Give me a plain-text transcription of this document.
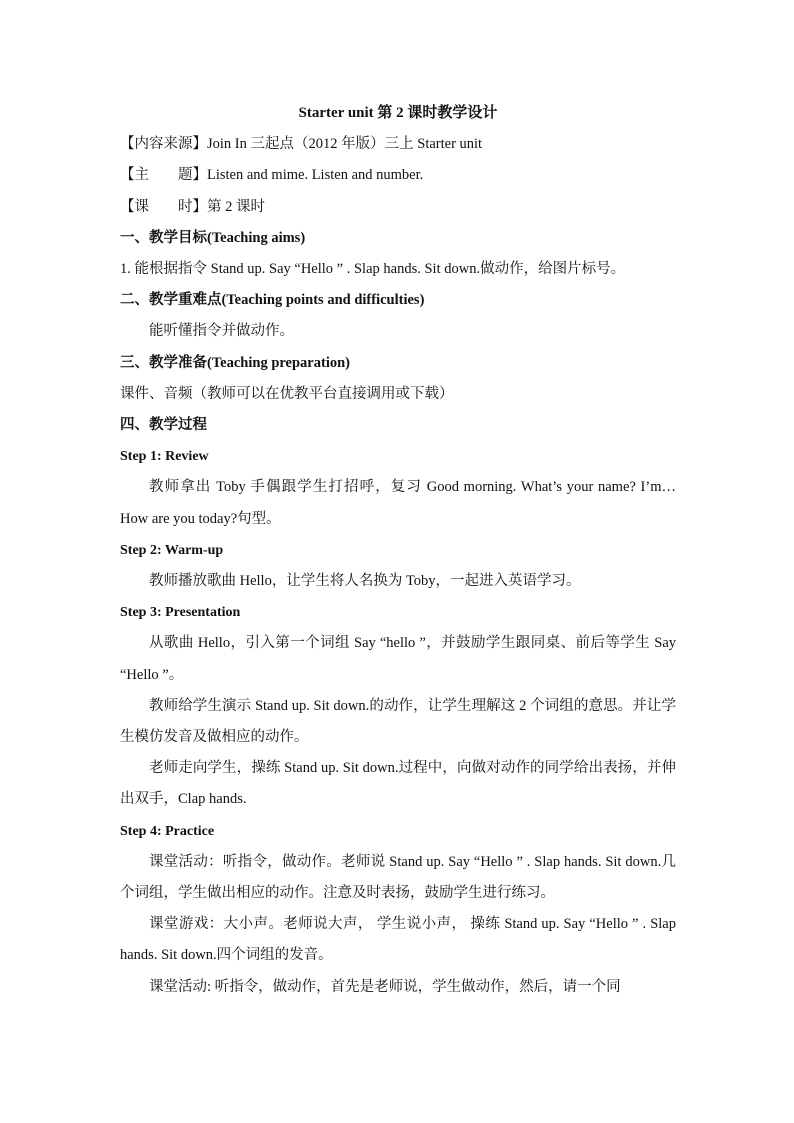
Starter unit 第 2 课时教学设计

【内容来源】Join In 三起点（2012 年版）三上 Starter unit

【主　　题】Listen and mime. Listen and number.

【课　　时】第 2 课时

一、教学目标(Teaching aims)

1. 能根据指令 Stand up. Say “Hello ” . Slap hands. Sit down.做动作，给图片标号。

二、教学重难点(Teaching points and difficulties)

能听懂指令并做动作。

三、教学准备(Teaching preparation)

课件、音频（教师可以在优教平台直接调用或下载）

四、教学过程

Step 1: Review

教师拿出 Toby 手偶跟学生打招呼，复习 Good morning. What’s your name? I’m… How are you today?句型。

Step 2: Warm-up

教师播放歌曲 Hello，让学生将人名换为 Toby，一起进入英语学习。

Step 3: Presentation

从歌曲 Hello，引入第一个词组 Say “hello ”，并鼓励学生跟同桌、前后等学生 Say “Hello ”。

教师给学生演示 Stand up. Sit down.的动作，让学生理解这 2 个词组的意思。并让学生模仿发音及做相应的动作。

老师走向学生，操练 Stand up. Sit down.过程中，向做对动作的同学给出表扬，并伸出双手，Clap hands.

Step 4: Practice

课堂活动：听指令，做动作。老师说 Stand up. Say “Hello ” . Slap hands. Sit down.几个词组，学生做出相应的动作。注意及时表扬，鼓励学生进行练习。

课堂游戏：大小声。老师说大声， 学生说小声， 操练 Stand up. Say “Hello ” . Slap hands. Sit down.四个词组的发音。

课堂活动: 听指令，做动作，首先是老师说，学生做动作，然后，请一个同
